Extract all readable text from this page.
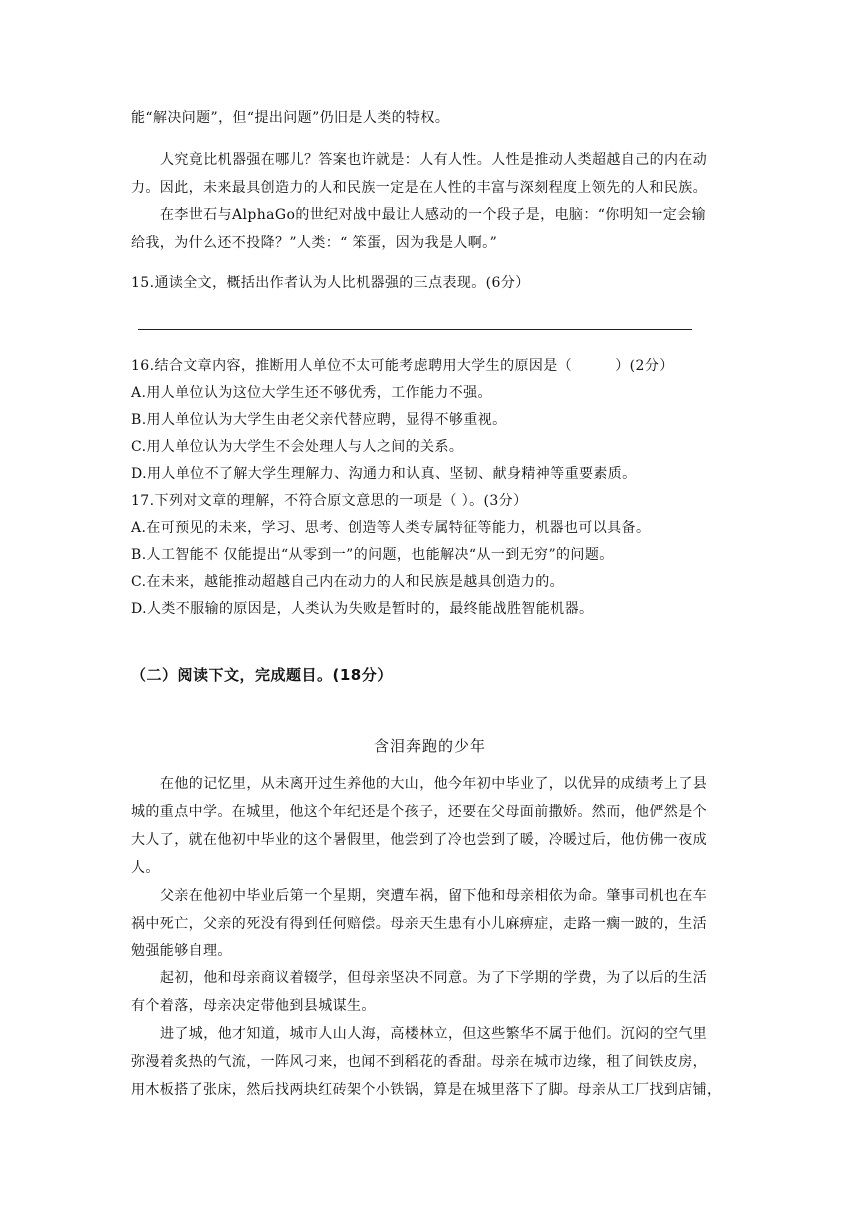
能“解决问题”，但“提出问题”仍旧是人类的特权。
人究竟比机器强在哪儿？答案也许就是：人有人性。人性是推动人类超越自己的内在动
力。因此，未来最具创造力的人和民族一定是在人性的丰富与深刻程度上领先的人和民族。
在李世石与AlphaGo的世纪对战中最让人感动的一个段子是，电脑：“你明知一定会输
给我，为什么还不投降？”人类：“ 笨蛋，因为我是人啊。”
15.通读全文，概括出作者认为人比机器强的三点表现。(6分）
16.结合文章内容，推断用人单位不太可能考虑聘用大学生的原因是（　　　）(2分）
A.用人单位认为这位大学生还不够优秀，工作能力不强。
B.用人单位认为大学生由老父亲代替应聘，显得不够重视。
C.用人单位认为大学生不会处理人与人之间的关系。
D.用人单位不了解大学生理解力、沟通力和认真、坚韧、献身精神等重要素质。
17.下列对文章的理解，不符合原文意思的一项是（ ）。(3分）
A.在可预见的未来，学习、思考、创造等人类专属特征等能力，机器也可以具备。
B.人工智能不 仅能提出“从零到一”的问题，也能解决“从一到无穷”的问题。
C.在未来，越能推动超越自己内在动力的人和民族是越具创造力的。
D.人类不服输的原因是，人类认为失败是暂时的，最终能战胜智能机器。
（二）阅读下文，完成题目。(18分）
含泪奔跑的少年
在他的记忆里，从未离开过生养他的大山，他今年初中毕业了，以优异的成绩考上了县
城的重点中学。在城里，他这个年纪还是个孩子，还要在父母面前撒娇。然而，他俨然是个
大人了，就在他初中毕业的这个暑假里，他尝到了冷也尝到了暖，冷暖过后，他仿佛一夜成
人。
父亲在他初中毕业后第一个星期，突遭车祸，留下他和母亲相依为命。肇事司机也在车
祸中死亡，父亲的死没有得到任何赔偿。母亲天生患有小儿麻痹症，走路一瘸一跛的，生活
勉强能够自理。
起初，他和母亲商议着辍学，但母亲坚决不同意。为了下学期的学费，为了以后的生活
有个着落，母亲决定带他到县城谋生。
进了城，他才知道，城市人山人海，高楼林立，但这些繁华不属于他们。沉闷的空气里
弥漫着炙热的气流，一阵风刁来，也闻不到稻花的香甜。母亲在城市边缘，租了间铁皮房，
用木板搭了张床，然后找两块红砖架个小铁锅，算是在城里落下了脚。母亲从工厂找到店铺，
